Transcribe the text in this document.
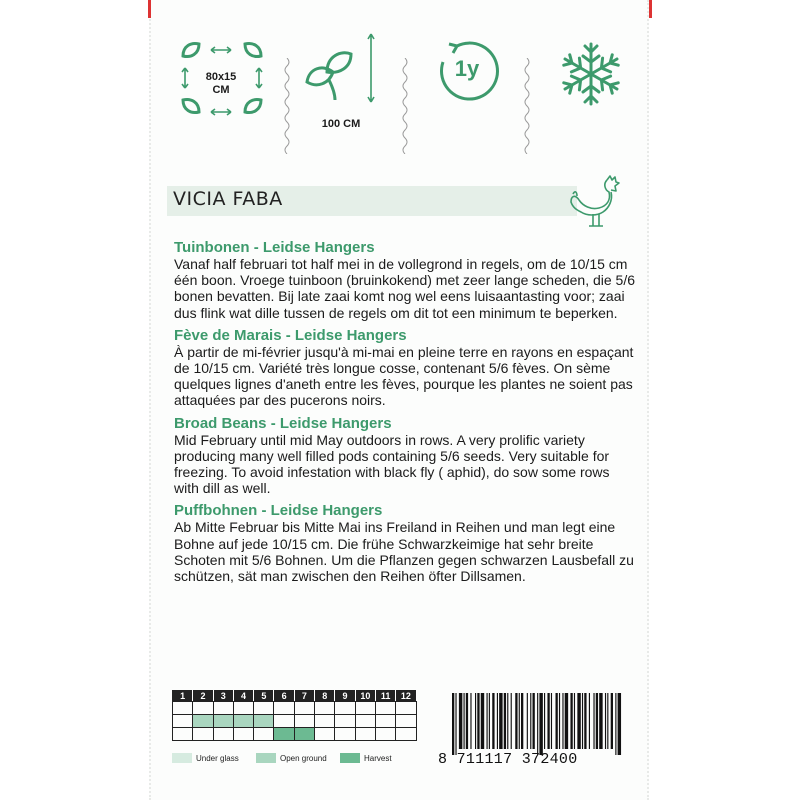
80x15
CM
100 CM
1y
VICIA FABA
Tuinbonen - Leidse Hangers
Vanaf half februari tot half mei in de vollegrond in regels, om de 10/15 cm één boon. Vroege tuinboon (bruinkokend) met zeer lange scheden, die 5/6 bonen bevatten. Bij late zaai komt nog wel eens luisaantasting voor; zaai dus flink wat dille tussen de regels om dit tot een minimum te beperken.
Fève de Marais - Leidse Hangers
À partir de mi-février jusqu'à mi-mai en pleine terre en rayons en espaçant de 10/15 cm. Variété très longue cosse, contenant 5/6 fèves. On sème quelques lignes d'aneth entre les fèves, pourque les plantes ne soient pas attaquées par des pucerons noirs.
Broad Beans - Leidse Hangers
Mid February until mid May outdoors in rows. A very prolific variety producing many well filled pods containing 5/6 seeds. Very suitable for freezing. To avoid infestation with black fly ( aphid), do sow some rows with dill as well.
Puffbohnen - Leidse Hangers
Ab Mitte Februar bis Mitte Mai ins Freiland in Reihen und man legt eine Bohne auf jede 10/15 cm. Die frühe Schwarzkeimige hat sehr breite Schoten mit 5/6 Bohnen. Um die Pflanzen gegen schwarzen Lausbefall zu schützen, sät man zwischen den Reihen öfter Dillsamen.
1	2	3	4	5	6	7	8	9	10	11	12

Under glass	Open ground	Harvest	8 711117 372400
